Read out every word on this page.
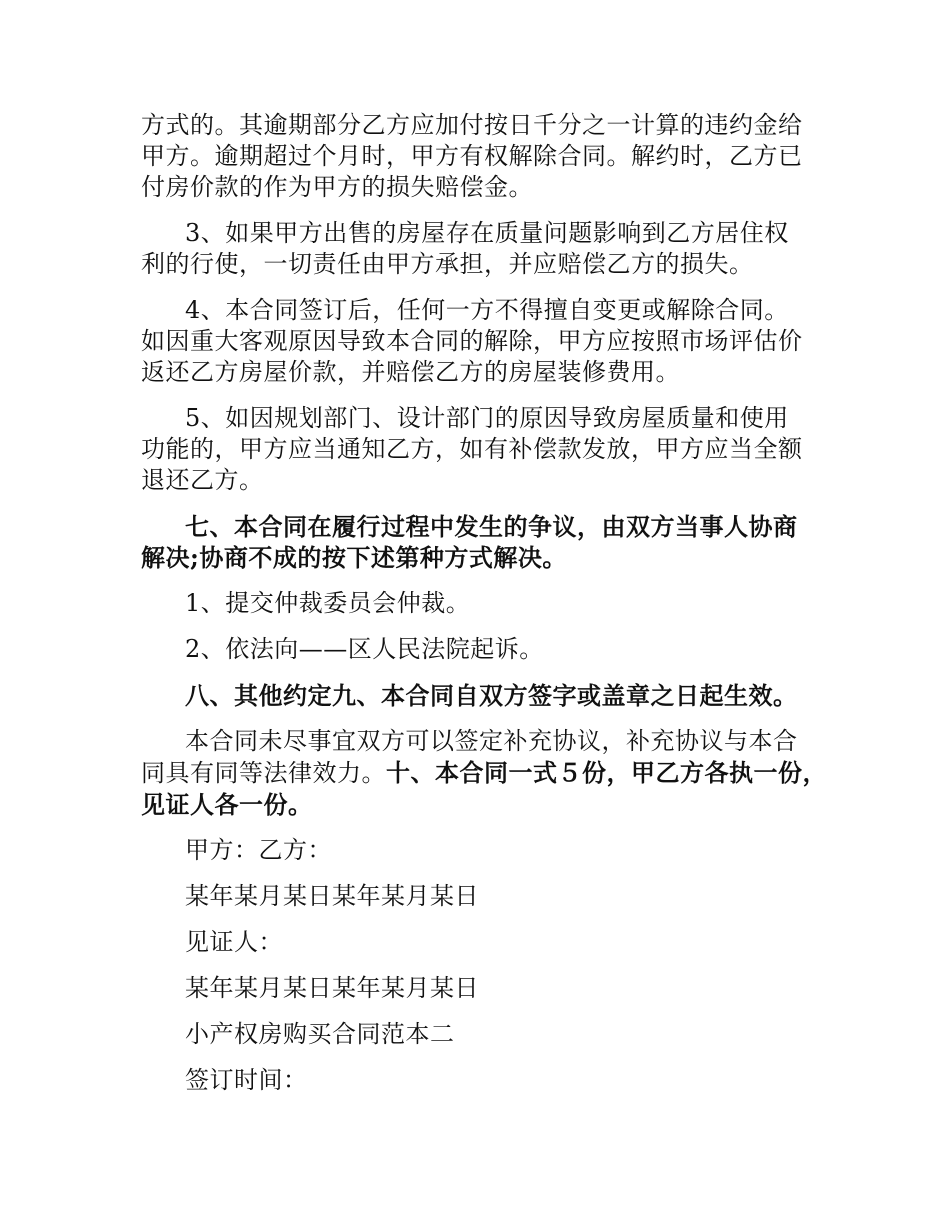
方式的。其逾期部分乙方应加付按日千分之一计算的违约金给
甲方。逾期超过个月时，甲方有权解除合同。解约时，乙方已
付房价款的作为甲方的损失赔偿金。
3、如果甲方出售的房屋存在质量问题影响到乙方居住权
利的行使，一切责任由甲方承担，并应赔偿乙方的损失。
4、本合同签订后，任何一方不得擅自变更或解除合同。
如因重大客观原因导致本合同的解除，甲方应按照市场评估价
返还乙方房屋价款，并赔偿乙方的房屋装修费用。
5、如因规划部门、设计部门的原因导致房屋质量和使用
功能的，甲方应当通知乙方，如有补偿款发放，甲方应当全额
退还乙方。
七、本合同在履行过程中发生的争议，由双方当事人协商
解决;协商不成的按下述第种方式解决。
1、提交仲裁委员会仲裁。
2、依法向——区人民法院起诉。
八、其他约定九、本合同自双方签字或盖章之日起生效。
本合同未尽事宜双方可以签定补充协议，补充协议与本合
同具有同等法律效力。十、本合同一式５份，甲乙方各执一份，
见证人各一份。
甲方：乙方：
某年某月某日某年某月某日
见证人：
某年某月某日某年某月某日
小产权房购买合同范本二
签订时间：
